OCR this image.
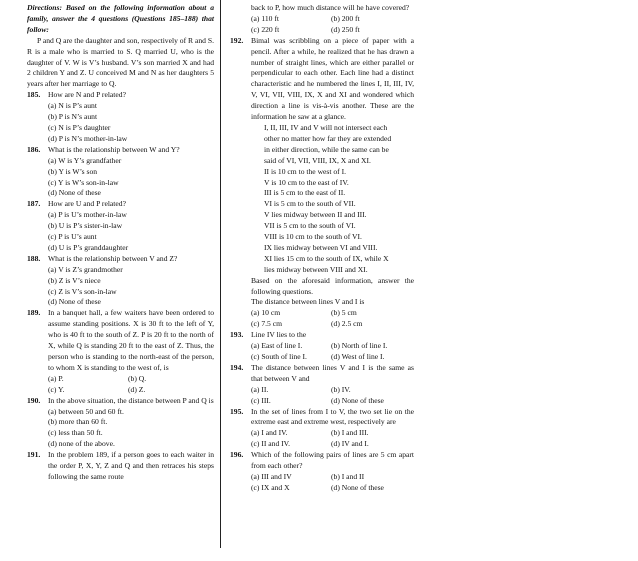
Directions: Based on the following information about a family, answer the 4 questions (Questions 185–188) that follow:

P and Q are the daughter and son, respectively of R and S. R is a male who is married to S. Q married U, who is the daughter of V. W is V’s husband. V’s son married X and had 2 children Y and Z. U conceived M and N as her daughters 5 years after her marriage to Q.

185. How are N and P related?

(a) N is P’s aunt
(b) P is N’s aunt
(c) N is P’s daughter
(d) P is N’s mother-in-law

186. What is the relationship between W and Y?

(a) W is Y’s grandfather
(b) Y is W’s son
(c) Y is W’s son-in-law
(d) None of these

187. How are U and P related?

(a) P is U’s mother-in-law
(b) U is P’s sister-in-law
(c) P is U’s aunt
(d) U is P’s granddaughter

188. What is the relationship between V and Z?

(a) V is Z’s grandmother
(b) Z is V’s niece
(c) Z is V’s son-in-law
(d) None of these

189. In a banquet hall, a few waiters have been ordered to assume standing positions. X is 30 ft to the left of Y, who is 40 ft to the south of Z. P is 20 ft to the north of X, while Q is standing 20 ft to the east of Z. Thus, the person who is standing to the north-east of the person, to whom X is standing to the west of, is

(a) P.	(b) Q.
(c) Y.	(d) Z.

190. In the above situation, the distance between P and Q is

(a) between 50 and 60 ft.
(b) more than 60 ft.
(c) less than 50 ft.
(d) none of the above.

191. In the problem 189, if a person goes to each waiter in the order P, X, Y, Z and Q and then retraces his steps following the same route

back to P, how much distance will he have covered?

(a) 110 ft	(b) 200 ft
(c) 220 ft	(d) 250 ft

192. Bimal was scribbling on a piece of paper with a pencil. After a while, he realized that he has drawn a number of straight lines, which are either parallel or perpendicular to each other. Each line had a distinct characteristic and he numbered the lines I, II, III, IV, V, VI, VII, VIII, IX, X and XI and wondered which direction a line is vis-à-vis another. These are the information he saw at a glance.

I, II, III, IV and V will not intersect each
other no matter how far they are extended
in either direction, while the same can be
said of VI, VII, VIII, IX, X and XI.
II is 10 cm to the west of I.
V is 10 cm to the east of IV.
III is 5 cm to the east of II.
VI is 5 cm to the south of VII.
V lies midway between II and III.
VII is 5 cm to the south of VI.
VIII is 10 cm to the south of VI.
IX lies midway between VI and VIII.
XI lies 15 cm to the south of IX, while X
lies midway between VIII and XI.

Based on the aforesaid information, answer the following questions.

The distance between lines V and I is

(a) 10 cm	(b) 5 cm
(c) 7.5 cm	(d) 2.5 cm

193. Line IV lies to the

(a) East of line I.	(b) North of line I.
(c) South of line I.	(d) West of line I.

194. The distance between lines V and I is the same as that between V and

(a) II.	(b) IV.
(c) III.	(d) None of these

195. In the set of lines from I to V, the two set lie on the extreme east and extreme west, respectively are

(a) I and IV.	(b) I and III.
(c) II and IV.	(d) IV and I.

196. Which of the following pairs of lines are 5 cm apart from each other?

(a) III and IV	(b) I and II
(c) IX and X	(d) None of these
